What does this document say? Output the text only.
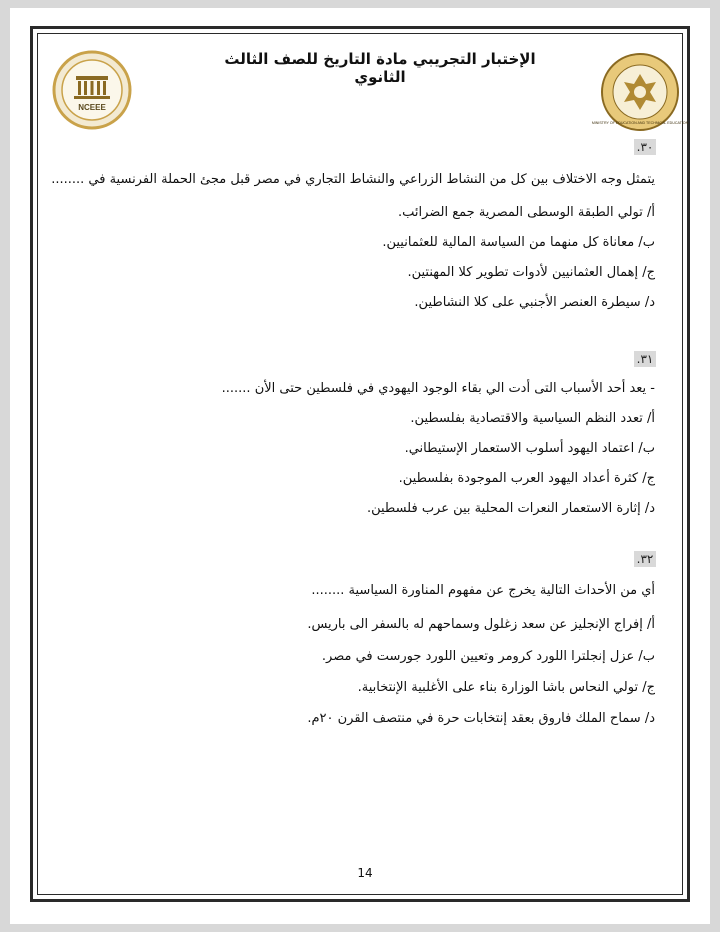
NCEEE
الإختبار التجريبي مادة التاريخ للصف الثالث الثانوي
MINISTRY OF EDUCATION AND TECHNICAL EDUCATION
٣٠.
يتمثل وجه الاختلاف بين كل من النشاط الزراعي والنشاط التجاري في مصر قبل مجئ الحملة الفرنسية في ........
أ/ تولي الطبقة الوسطى المصرية جمع الضرائب.
ب/ معاناة كل منهما من السياسة المالية للعثمانيين.
ج/ إهمال العثمانيين لأدوات تطوير كلا المهنتين.
د/ سيطرة العنصر الأجنبي على كلا النشاطين.
٣١.
- يعد أحد الأسباب التى أدت الي بقاء الوجود اليهودي في فلسطين حتى الأن .......
أ/ تعدد النظم السياسية والاقتصادية بفلسطين.
ب/ اعتماد اليهود أسلوب الاستعمار الإستيطاني.
ج/ كثرة أعداد اليهود العرب الموجودة بفلسطين.
د/ إثارة الاستعمار النعرات المحلية بين عرب فلسطين.
٣٢.
أي من الأحداث التالية يخرج عن مفهوم المناورة السياسية ........
أ/ إفراج الإنجليز عن سعد زغلول وسماحهم له بالسفر الى باريس.
ب/ عزل إنجلترا اللورد كرومر وتعيين اللورد جورست في مصر.
ج/ تولي النحاس باشا الوزارة بناء على الأغلبية الإنتخابية.
د/ سماح الملك فاروق بعقد إنتخابات حرة في منتصف القرن ٢٠م.
14
